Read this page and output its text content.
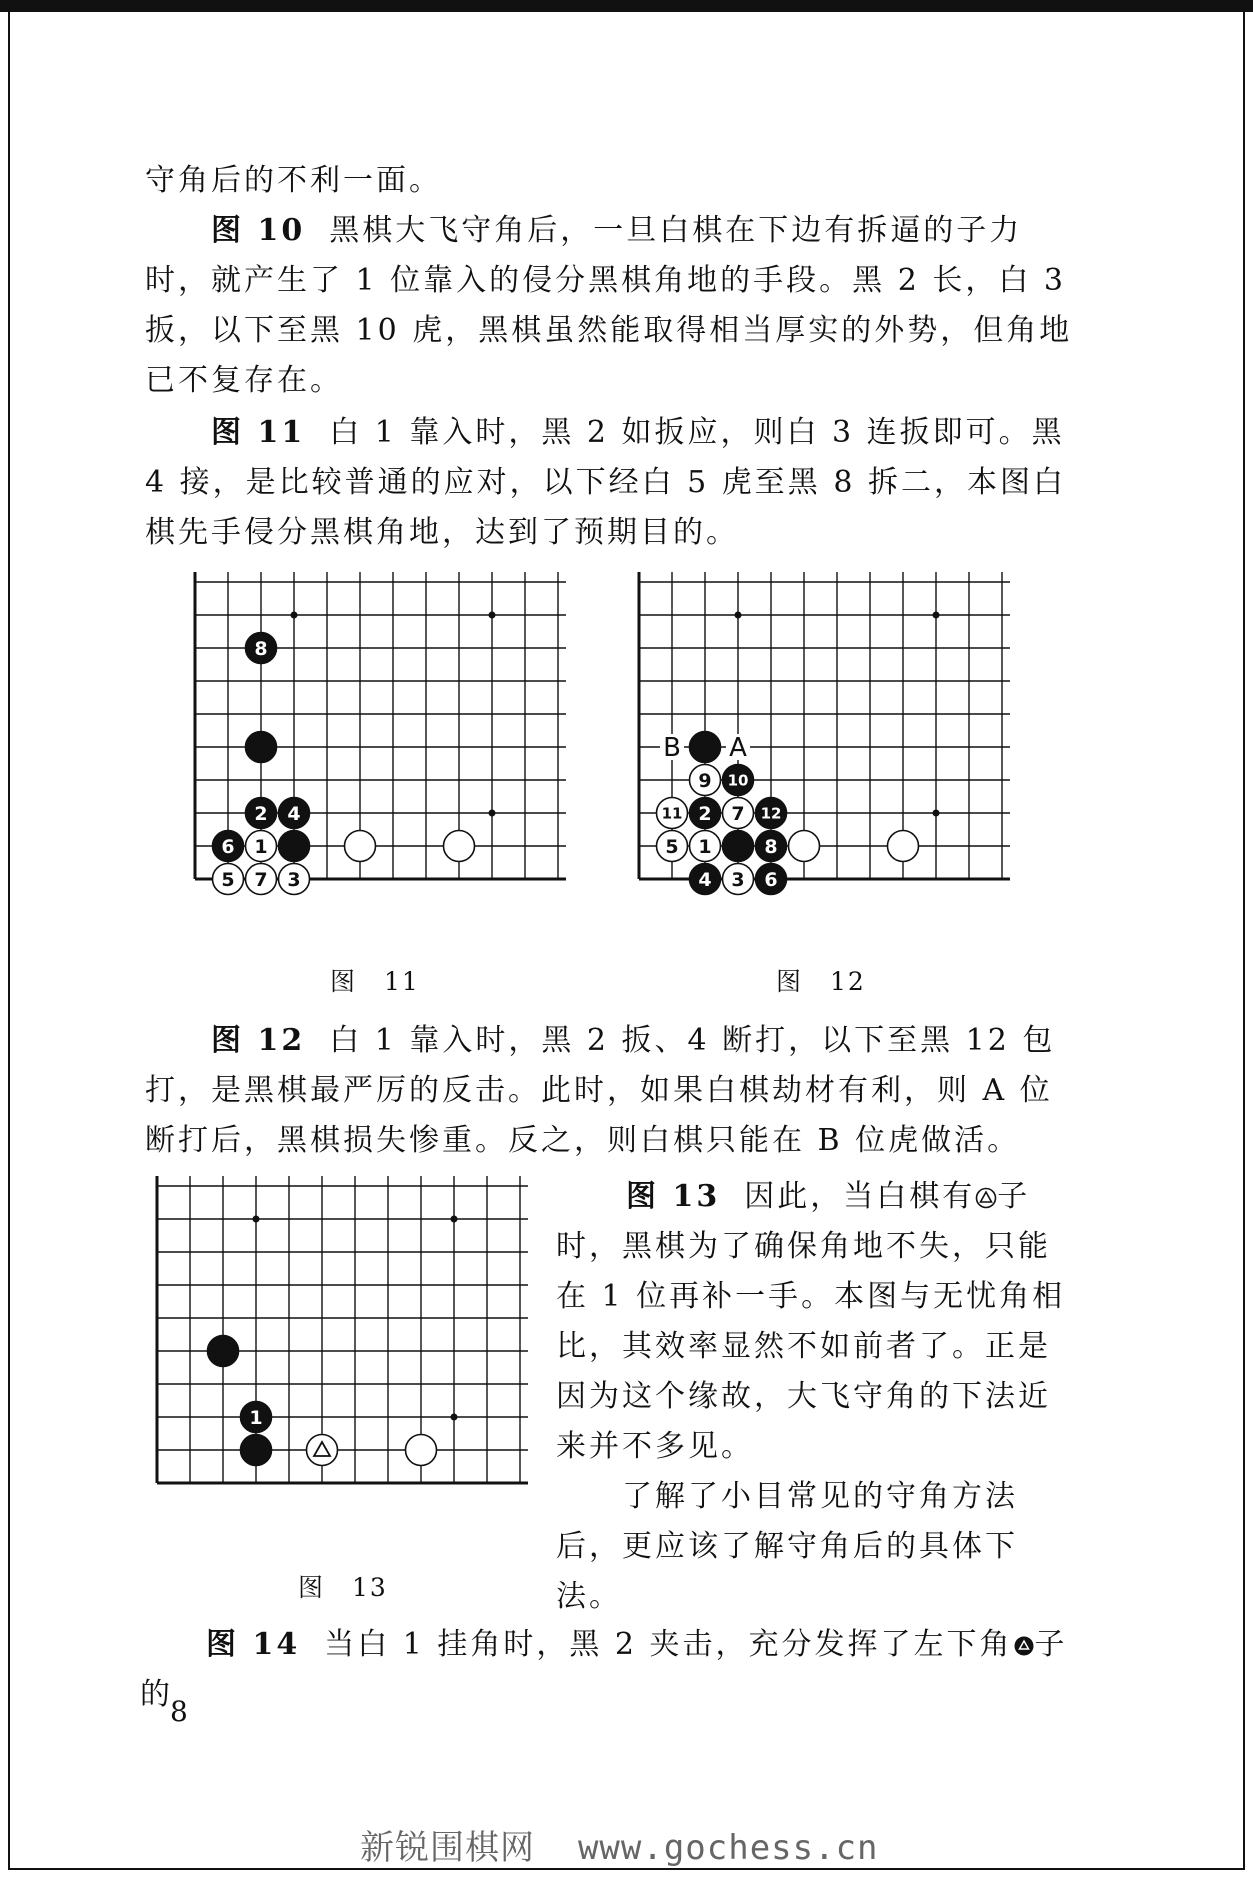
守角后的不利一面。
图 10 黑棋大飞守角后，一旦白棋在下边有拆逼的子力时，就产生了 1 位靠入的侵分黑棋角地的手段。黑 2 长，白 3 扳，以下至黑 10 虎，黑棋虽然能取得相当厚实的外势，但角地已不复存在。
图 11 白 1 靠入时，黑 2 如扳应，则白 3 连扳即可。黑 4 接，是比较普通的应对，以下经白 5 虎至黑 8 拆二，本图白棋先手侵分黑棋角地，达到了预期目的。
8
2 4
6 1
5 7 3
B A
9 10
11 2 7 12
5 1	8
4 3 6
图　11	图　12
图 12 白 1 靠入时，黑 2 扳、4 断打，以下至黑 12 包打，是黑棋最严厉的反击。此时，如果白棋劫材有利，则 A 位断打后，黑棋损失惨重。反之，则白棋只能在 B 位虎做活。
1
图　13
图 13 因此，当白棋有 子时，黑棋为了确保角地不失，只能在 1 位再补一手。本图与无忧角相比，其效率显然不如前者了。正是因为这个缘故，大飞守角的下法近来并不多见。
了解了小目常见的守角方法后，更应该了解守角后的具体下法。
图 14 当白 1 挂角时，黑 2 夹击，充分发挥了左下角 子的
8
新锐围棋网 www.gochess.cn
